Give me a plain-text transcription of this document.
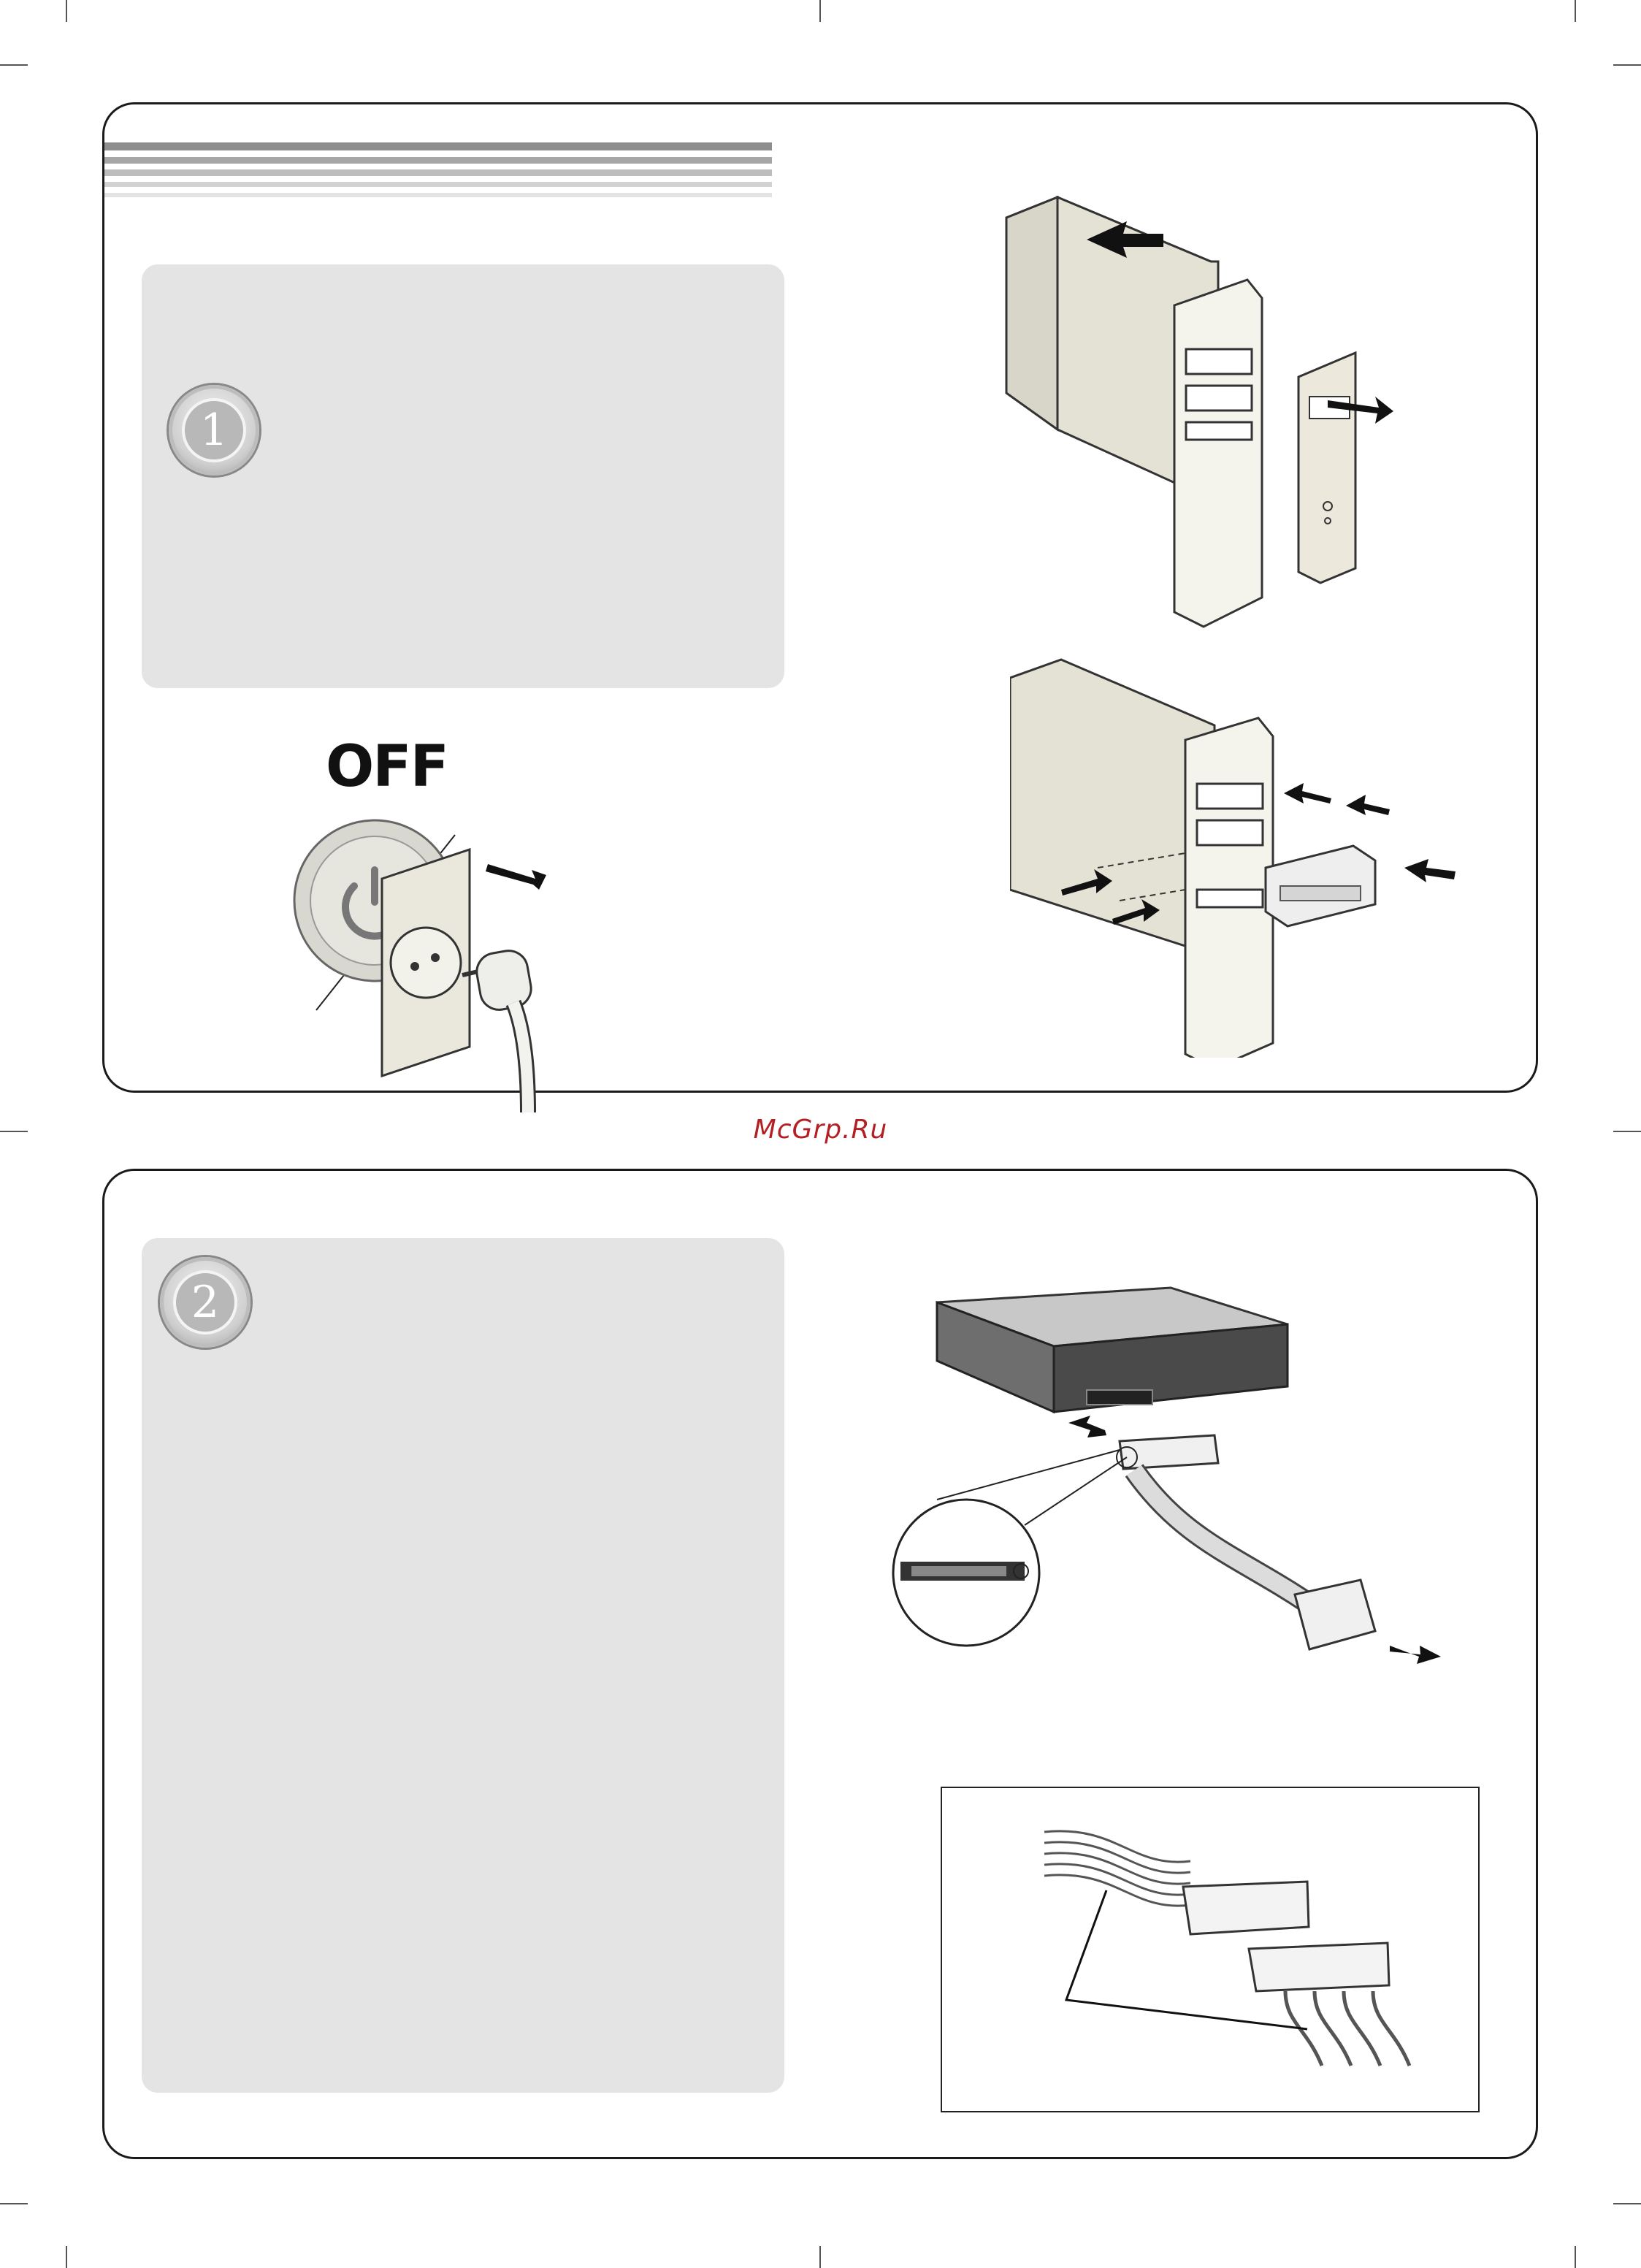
1
OFF
McGrp.Ru
2
